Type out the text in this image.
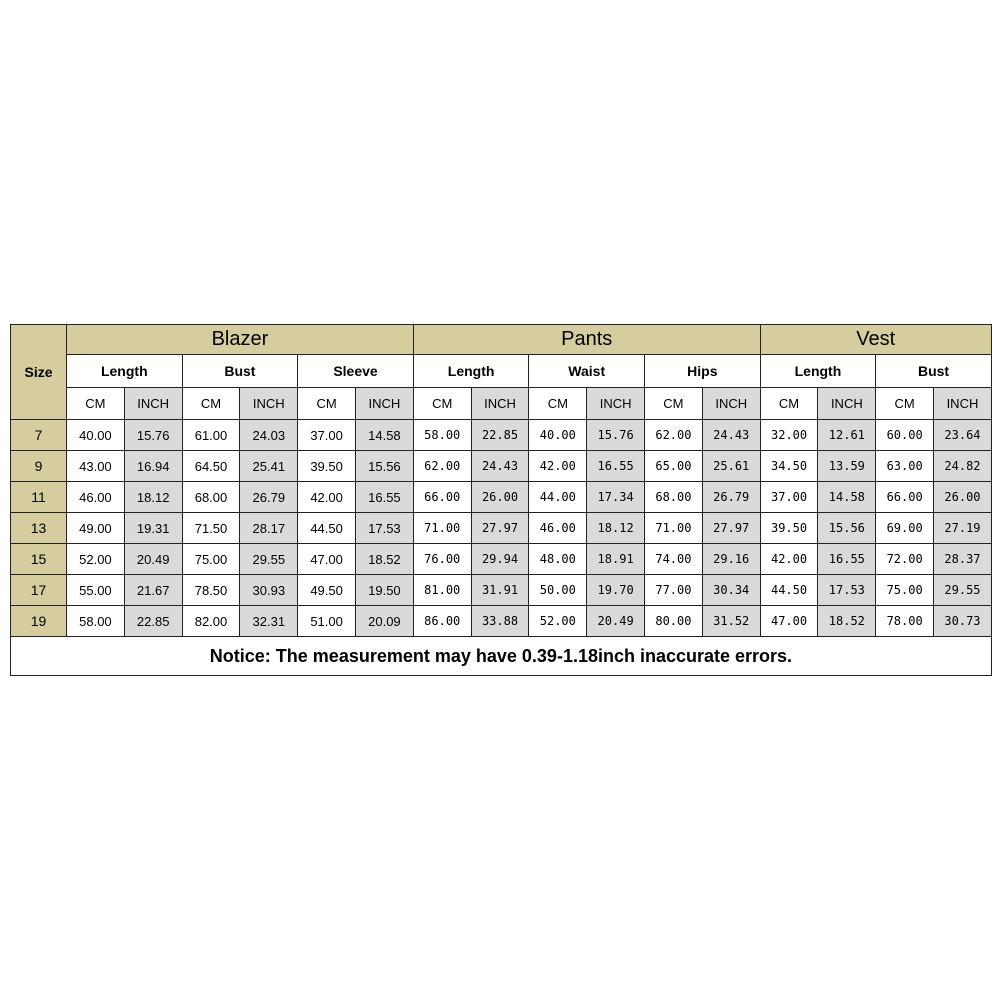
Size	Blazer						Pants						Vest			
	Length		Bust		Sleeve		Length		Waist		Hips		Length		Bust	
	CM	INCH	CM	INCH	CM	INCH	CM	INCH	CM	INCH	CM	INCH	CM	INCH	CM	INCH
7	40.00	15.76	61.00	24.03	37.00	14.58	58.00	22.85	40.00	15.76	62.00	24.43	32.00	12.61	60.00	23.64
9	43.00	16.94	64.50	25.41	39.50	15.56	62.00	24.43	42.00	16.55	65.00	25.61	34.50	13.59	63.00	24.82
11	46.00	18.12	68.00	26.79	42.00	16.55	66.00	26.00	44.00	17.34	68.00	26.79	37.00	14.58	66.00	26.00
13	49.00	19.31	71.50	28.17	44.50	17.53	71.00	27.97	46.00	18.12	71.00	27.97	39.50	15.56	69.00	27.19
15	52.00	20.49	75.00	29.55	47.00	18.52	76.00	29.94	48.00	18.91	74.00	29.16	42.00	16.55	72.00	28.37
17	55.00	21.67	78.50	30.93	49.50	19.50	81.00	31.91	50.00	19.70	77.00	30.34	44.50	17.53	75.00	29.55
19	58.00	22.85	82.00	32.31	51.00	20.09	86.00	33.88	52.00	20.49	80.00	31.52	47.00	18.52	78.00	30.73
Notice: The measurement may have 0.39-1.18inch inaccurate errors.																
